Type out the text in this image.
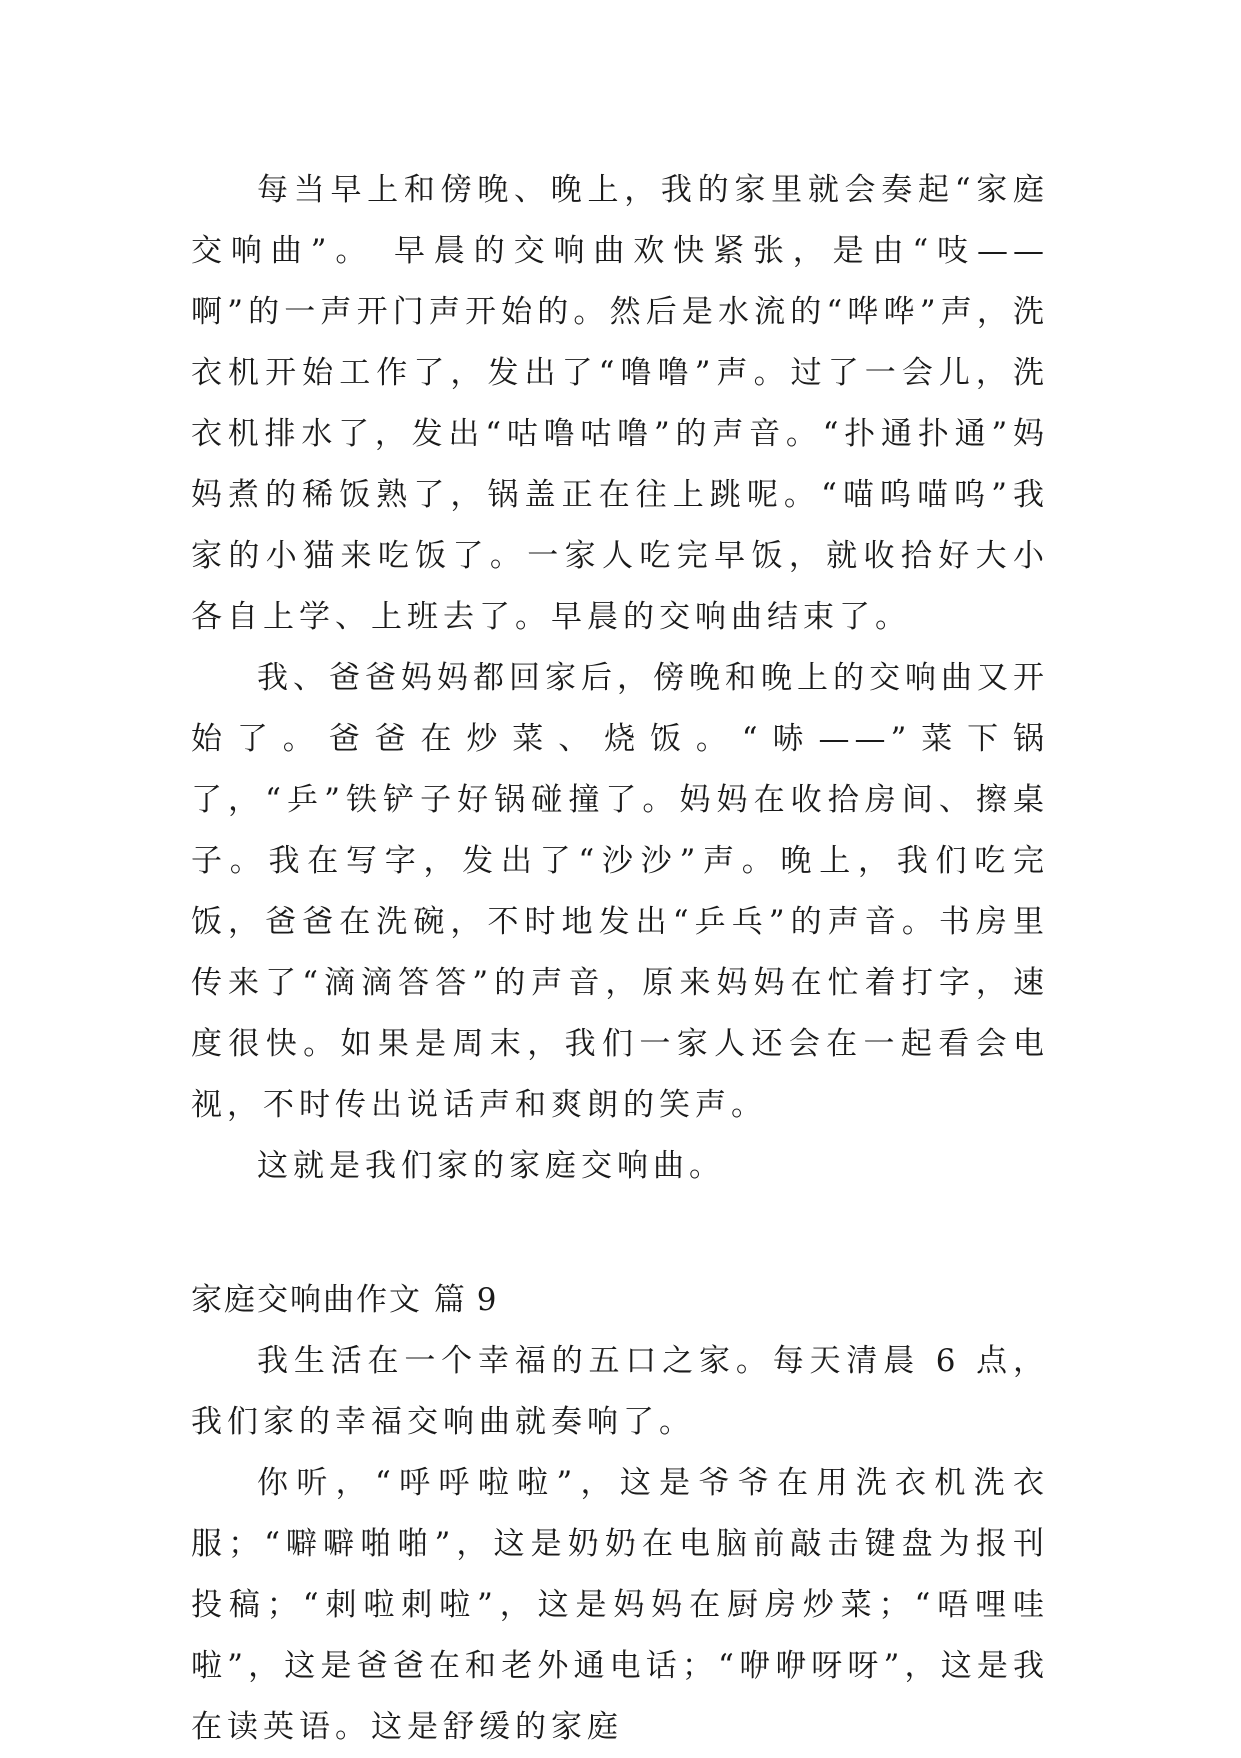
每当早上和傍晚、晚上，我的家里就会奏起“家庭交响曲”。 早晨的交响曲欢快紧张，是由“吱——啊”的一声开门声开始的。然后是水流的“哗哗”声，洗衣机开始工作了，发出了“噜噜”声。过了一会儿，洗衣机排水了，发出“咕噜咕噜”的声音。“扑通扑通”妈妈煮的稀饭熟了，锅盖正在往上跳呢。“喵呜喵呜”我家的小猫来吃饭了。一家人吃完早饭，就收拾好大小各自上学、上班去了。早晨的交响曲结束了。

我、爸爸妈妈都回家后，傍晚和晚上的交响曲又开始了。爸爸在炒菜、烧饭。“哧——”菜下锅了，“乒”铁铲子好锅碰撞了。妈妈在收拾房间、擦桌子。我在写字，发出了“沙沙”声。晚上，我们吃完饭，爸爸在洗碗，不时地发出“乒乓”的声音。书房里传来了“滴滴答答”的声音，原来妈妈在忙着打字，速度很快。如果是周末，我们一家人还会在一起看会电视，不时传出说话声和爽朗的笑声。

这就是我们家的家庭交响曲。

家庭交响曲作文 篇 9

我生活在一个幸福的五口之家。每天清晨 6 点，我们家的幸福交响曲就奏响了。

你听，“呼呼啦啦”，这是爷爷在用洗衣机洗衣服；“噼噼啪啪”，这是奶奶在电脑前敲击键盘为报刊投稿；“刺啦刺啦”，这是妈妈在厨房炒菜；“唔哩哇啦”，这是爸爸在和老外通电话；“咿咿呀呀”，这是我在读英语。这是舒缓的家庭
